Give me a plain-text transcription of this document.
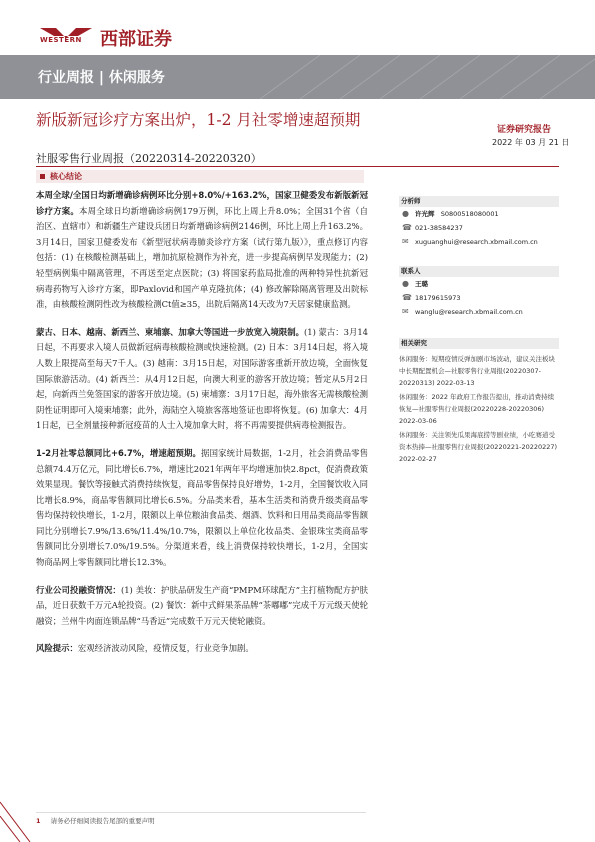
WESTERN 西部证券
行业周报 | 休闲服务
新版新冠诊疗方案出炉，1-2 月社零增速超预期
证券研究报告
2022 年 03 月 21 日
社服零售行业周报（20220314-20220320）
核心结论

本周全球/全国日均新增确诊病例环比分别+8.0%/+163.2%，国家卫健委发布新版新冠诊疗方案。本周全球日均新增确诊病例179万例，环比上周上升8.0%；全国31个省（自治区、直辖市）和新疆生产建设兵团日均新增确诊病例2146例，环比上周上升163.2%。3月14日，国家卫健委发布《新型冠状病毒肺炎诊疗方案（试行第九版）》，重点修订内容包括：(1) 在核酸检测基础上，增加抗原检测作为补充，进一步提高病例早发现能力；(2) 轻型病例集中隔离管理，不再送至定点医院；(3) 将国家药监局批准的两种特异性抗新冠病毒药物写入诊疗方案，即Paxlovid和国产单克隆抗体；(4) 修改解除隔离管理及出院标准，由核酸检测阴性改为核酸检测Ct值≥35，出院后隔离14天改为7天居家健康监测。

蒙古、日本、越南、新西兰、柬埔寨、加拿大等国进一步放宽入境限制。(1) 蒙古：3月14日起，不再要求入境人员做新冠病毒核酸检测或快速检测。(2) 日本：3月14日起，将入境人数上限提高至每天7千人。(3) 越南：3月15日起，对国际游客重新开放边境，全面恢复国际旅游活动。(4) 新西兰：从4月12日起，向澳大利亚的游客开放边境；暂定从5月2日起，向新西兰免签国家的游客开放边境。(5) 柬埔寨：3月17日起，海外旅客无需核酸检测阴性证明即可入境柬埔寨；此外，海陆空入境旅客落地签证也即将恢复。(6) 加拿大：4月1日起，已全剂量接种新冠疫苗的人士入境加拿大时，将不再需要提供病毒检测报告。

1-2月社零总额同比+6.7%，增速超预期。据国家统计局数据，1-2月，社会消费品零售总额74.4万亿元，同比增长6.7%，增速比2021年两年平均增速加快2.8pct，促消费政策效果显现。餐饮等接触式消费持续恢复，商品零售保持良好增势，1-2月，全国餐饮收入同比增长8.9%，商品零售额同比增长6.5%。分品类来看，基本生活类和消费升级类商品零售均保持较快增长，1-2月，限额以上单位粮油食品类、烟酒、饮料和日用品类商品零售额同比分别增长7.9%/13.6%/11.4%/10.7%，限额以上单位化妆品类、金银珠宝类商品零售额同比分别增长7.0%/19.5%。分渠道来看，线上消费保持较快增长，1-2月，全国实物商品网上零售额同比增长12.3%。

行业公司投融资情况：(1) 美妆：护肤品研发生产商“PMPM环球配方”主打植物配方护肤品，近日获数千万元A轮投资。(2) 餐饮：新中式鲜果茶品牌“茶嘟嘟”完成千万元级天使轮融资；兰州牛肉面连锁品牌“马香远”完成数千万元天使轮融资。

风险提示：宏观经济波动风险，疫情反复，行业竞争加剧。

分析师
● 许光辉 S0800518080001
☎ 021-38584237
✉ xuguanghui@research.xbmail.com.cn
联系人
● 王璐
☎ 18179615973
✉ wanglu@research.xbmail.com.cn
相关研究

休闲服务：短期疫情反弹加剧市场波动，建议关注板块中长期配置机会—社服零售行业周报(20220307-20220313) 2022-03-13

休闲服务：2022 年政府工作报告提出，推动消费持续恢复—社服零售行业周报(20220228-20220306) 2022-03-06

休闲服务：关注领先瓜果海底捞等剧业绩，小吃赛道受资本热捧—社服零售行业周报(20220221-20220227) 2022-02-27

1 请务必仔细阅读报告尾部的重要声明
